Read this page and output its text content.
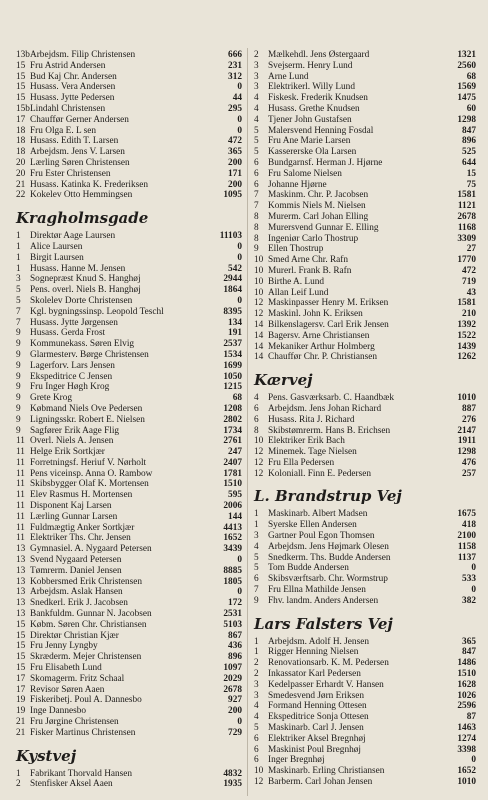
13b Arbejdsm. Filip Christensen	666
15 Fru Astrid Andersen	231
15 Bud Kaj Chr. Andersen	312
15 Husass. Vera Andersen	0
15 Husass. Jytte Pedersen	44
15b Lindahl Christensen	295
17 Chauffør Gerner Andersen	0
18 Fru Olga E. L sen	0
18 Husass. Edith T. Larsen	472
18 Arbejdsm. Jens V. Larsen	365
20 Lærling Søren Christensen	200
20 Fru Ester Christensen	171
21 Husass. Katinka K. Frederiksen	200
22 Kokelev Otto Hemmingsen	1095
Kragholmsgade
1	Direktør Aage Laursen	11103
1	Alice Laursen	0
1	Birgit Laursen	0
1	Husass. Hanne M. Jensen	542
3	Sognepræst Knud S. Hanghøj	2944
5	Pens. overl. Niels B. Hanghøj	1864
5	Skolelev Dorte Christensen	0
7	Kgl. bygningssinsp. Leopold Teschl	8395
7	Husass. Jytte Jørgensen	134
9	Husass. Gerda Frost	191
9	Kommunekass. Søren Elvig	2537
9	Glarmesterv. Børge Christensen	1534
9	Lagerforv. Lars Jensen	1699
9	Ekspeditrice C Jensen	1050
9	Fru Inger Høgh Krog	1215
9	Grete Krog	68
9	Købmand Niels Ove Pedersen	1208
9	Ligningsskr. Robert E. Nielsen	2802
9	Sagfører Erik Aage Flig	1734
11 Overl. Niels A. Jensen	2761
11 Helge Erik Sortkjær	247
11 Forretningsf. Heriuf V. Nørholt	2407
11 Pens viceinsp. Anna O. Rambow	1781
11 Skibsbygger Olaf K. Mortensen	1510
11 Elev Rasmus H. Mortensen	595
11 Disponent Kaj Larsen	2006
11 Lærling Gunnar Larsen	144
11 Fuldmægtig Anker Sortkjær	4413
11 Elektriker Ths. Chr. Jensen	1652
13 Gymnasiel. A. Nygaard Petersen	3439
13 Svend Nygaard Petersen	0
13 Tømrerm. Daniel Jensen	8885
13 Kobbersmed Erik Christensen	1805
13 Arbejdsm. Aslak Hansen	0
13 Snedkerl. Erik J. Jacobsen	172
13 Bankfuldm. Gunnar N. Jacobsen	2531
15 Købm. Søren Chr. Christiansen	5103
15 Direktør Christian Kjær	867
15 Fru Jenny Lyngby	436
15 Skræderm. Mejer Christensen	896
15 Fru Elisabeth Lund	1097
17 Skomagerm. Fritz Schaal	2029
17 Revisor Søren Aaen	2678
19 Fiskeribetj. Poul A. Dannesbo	927
19 Inge Dannesbo	200
21 Fru Jørgine Christensen	0
21 Fisker Martinus Christensen	729
Kystvej
1	Fabrikant Thorvald Hansen	4832
2	Stenfisker Aksel Aaen	1935
2	Mælkehdl. Jens Østergaard	1321
3	Svejserm. Henry Lund	2560
3	Arne Lund	68
3	Elektrikerl. Willy Lund	1569
4	Fiskesk. Frederik Knudsen	1475
4	Husass. Grethe Knudsen	60
4	Tjener John Gustafsen	1298
5	Malersvend Henning Fosdal	847
5	Fru Ane Marie Larsen	896
5	Kassererske Ola Larsen	525
6	Bundgarnsf. Herman J. Hjørne	644
6	Fru Salome Nielsen	15
6	Johanne Hjørne	75
7	Maskinm. Chr. P. Jacobsen	1581
7	Kommis Niels M. Nielsen	1121
8	Murerm. Carl Johan Elling	2678
8	Murersvend Gunnar E. Elling	1168
8	Ingeniør Carlo Thostrup	3309
9	Ellen Thostrup	27
10 Smed Arne Chr. Rafn	1770
10 Murerl. Frank B. Rafn	472
10 Birthe A. Lund	719
10 Allan Leif Lund	43
12 Maskinpasser Henry M. Eriksen	1581
12 Maskinl. John K. Eriksen	210
14 Bilkenslagersv. Carl Erik Jensen	1392
14 Bagersv. Arne Christiansen	1522
14 Mekaniker Arthur Holmberg	1439
14 Chauffør Chr. P. Christiansen	1262
Kærvej
4	Pens. Gasværksarb. C. Haandbæk	1010
6	Arbejdsm. Jens Johan Richard	887
6	Husass. Rita J. Richard	276
8	Skibstømrerm. Hans B. Erichsen	2147
10 Elektriker Erik Bach	1911
12 Minemek. Tage Nielsen	1298
12 Fru Ella Pedersen	476
12 Koloniall. Finn E. Pedersen	257
L. Brandstrup Vej
1	Maskinarb. Albert Madsen	1675
1	Syerske Ellen Andersen	418
3	Gartner Poul Egon Thomsen	2100
4	Arbejdsm. Jens Højmark Olesen	1158
5	Snedkerm. Ths. Budde Andersen	1137
5	Tom Budde Andersen	0
6	Skibsværftsarb. Chr. Wormstrup	533
7	Fru Ellna Mathilde Jensen	0
9	Fhv. landm. Anders Andersen	382
Lars Falsters Vej
1	Arbejdsm. Adolf H. Jensen	365
1	Rigger Henning Nielsen	847
2	Renovationsarb. K. M. Pedersen	1486
2	Inkassator Karl Pedersen	1510
3	Kedelpasser Erhardt V. Hansen	1628
3	Smedesvend Jørn Eriksen	1026
4	Formand Henning Ottesen	2596
4	Ekspeditrice Sonja Ottesen	87
5	Maskinarb. Carl J. Jensen	1463
6	Elektriker Aksel Bregnhøj	1274
6	Maskinist Poul Bregnhøj	3398
6	Inger Bregnhøj	0
10 Maskinarb. Erling Christiansen	1652
12 Barberm. Carl Johan Jensen	1010
